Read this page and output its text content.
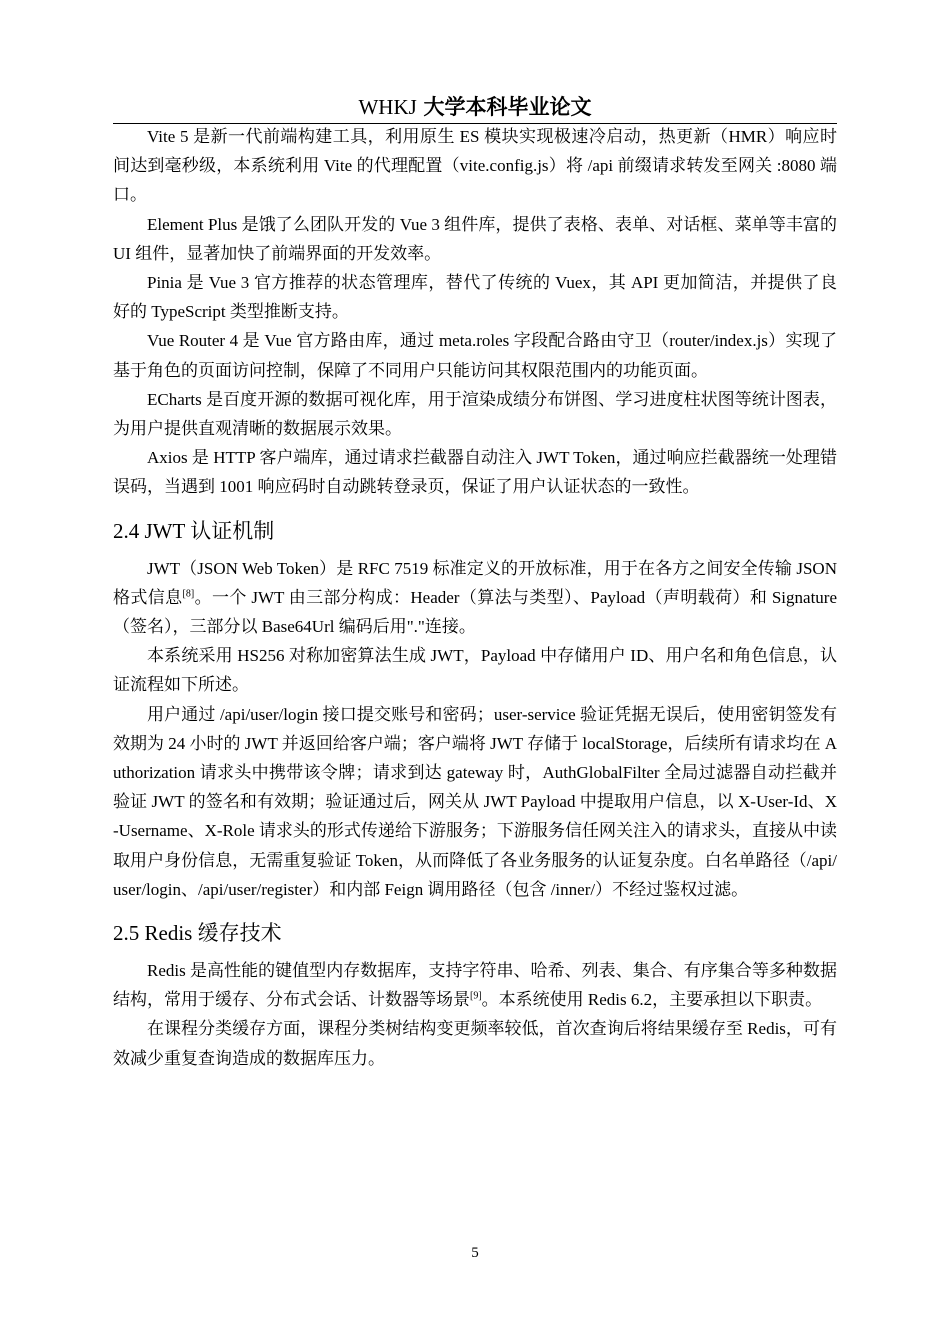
WHKJ 大学本科毕业论文

Vite 5 是新一代前端构建工具，利用原生 ES 模块实现极速冷启动，热更新（HMR）响应时间达到毫秒级，本系统利用 Vite 的代理配置（vite.config.js）将 /api 前缀请求转发至网关 :8080 端口。

Element Plus 是饿了么团队开发的 Vue 3 组件库，提供了表格、表单、对话框、菜单等丰富的 UI 组件，显著加快了前端界面的开发效率。

Pinia 是 Vue 3 官方推荐的状态管理库，替代了传统的 Vuex，其 API 更加简洁，并提供了良好的 TypeScript 类型推断支持。

Vue Router 4 是 Vue 官方路由库，通过 meta.roles 字段配合路由守卫（router/index.js）实现了基于角色的页面访问控制，保障了不同用户只能访问其权限范围内的功能页面。

ECharts 是百度开源的数据可视化库，用于渲染成绩分布饼图、学习进度柱状图等统计图表，为用户提供直观清晰的数据展示效果。

Axios 是 HTTP 客户端库，通过请求拦截器自动注入 JWT Token，通过响应拦截器统一处理错误码，当遇到 1001 响应码时自动跳转登录页，保证了用户认证状态的一致性。

2.4 JWT 认证机制

JWT（JSON Web Token）是 RFC 7519 标准定义的开放标准，用于在各方之间安全传输 JSON 格式信息[8]。一个 JWT 由三部分构成：Header（算法与类型）、Payload（声明载荷）和 Signature（签名），三部分以 Base64Url 编码后用"."连接。

本系统采用 HS256 对称加密算法生成 JWT，Payload 中存储用户 ID、用户名和角色信息，认证流程如下所述。

用户通过 /api/user/login 接口提交账号和密码；user-service 验证凭据无误后，使用密钥签发有效期为 24 小时的 JWT 并返回给客户端；客户端将 JWT 存储于 localStorage，后续所有请求均在 Authorization 请求头中携带该令牌；请求到达 gateway 时，AuthGlobalFilter 全局过滤器自动拦截并验证 JWT 的签名和有效期；验证通过后，网关从 JWT Payload 中提取用户信息，以 X-User-Id、X-Username、X-Role 请求头的形式传递给下游服务；下游服务信任网关注入的请求头，直接从中读取用户身份信息，无需重复验证 Token，从而降低了各业务服务的认证复杂度。白名单路径（/api/user/login、/api/user/register）和内部 Feign 调用路径（包含 /inner/）不经过鉴权过滤。

2.5 Redis 缓存技术

Redis 是高性能的键值型内存数据库，支持字符串、哈希、列表、集合、有序集合等多种数据结构，常用于缓存、分布式会话、计数器等场景[9]。本系统使用 Redis 6.2，主要承担以下职责。

在课程分类缓存方面，课程分类树结构变更频率较低，首次查询后将结果缓存至 Redis，可有效减少重复查询造成的数据库压力。

5
